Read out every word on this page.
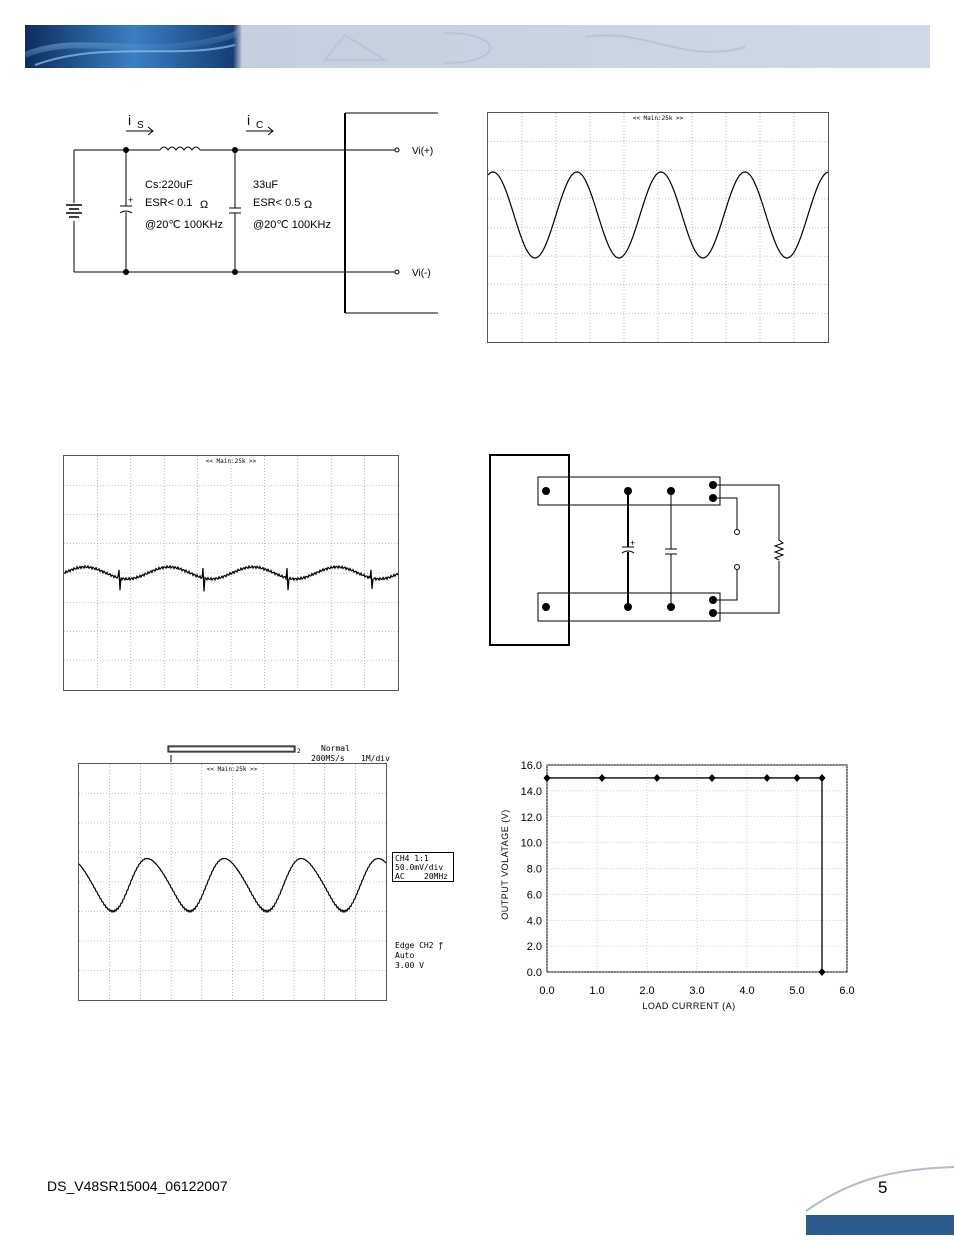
i S	i C
+
Cs:220uF
ESR< 0.1 Ω
@20℃ 100KHz
33uF
ESR< 0.5 Ω
@20℃ 100KHz
Vi(+)
Vi(-)
<< Main:25k >>
<< Main:25k >>
+
2	Normal
200MS/s 1M/div
<< Main:25k >>
CH4 1:1
50.0mV/div
AC    20MHz
Edge CH2 ƒ
Auto
3.00 V
0.0	1.0	2.0	3.0	4.0	5.0	6.0
0.0
2.0
4.0
6.0
8.0
10.0
12.0
14.0
16.0
LOAD CURRENT (A)
OUTPUT VOLATAGE (V)
DS_V48SR15004_06122007	5
